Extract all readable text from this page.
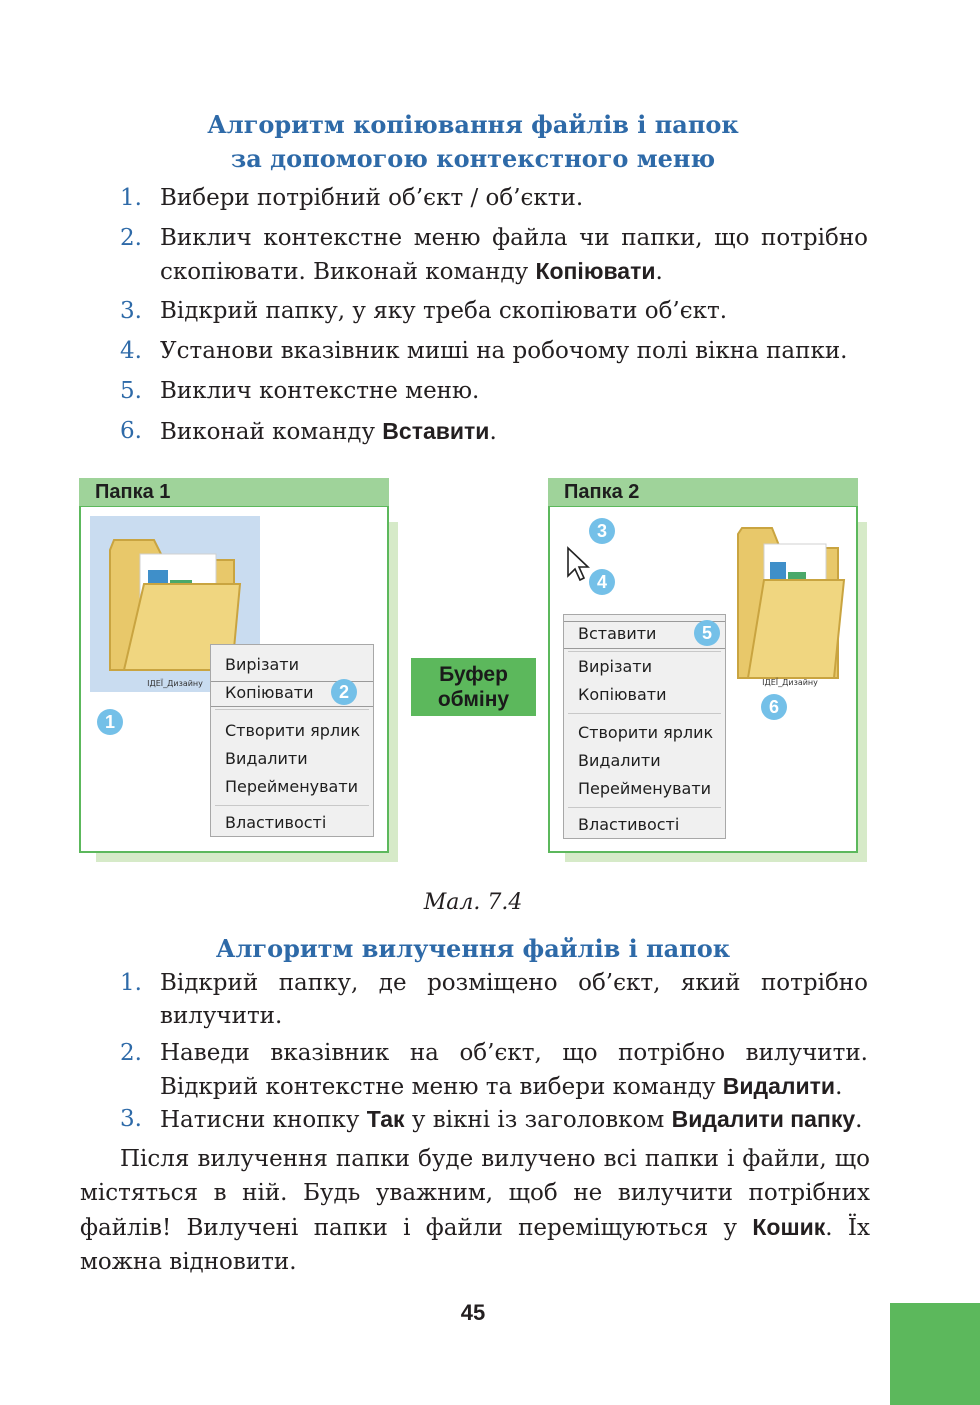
Алгоритм копіювання файлів і папок
за допомогою контекстного меню
1. Вибери потрібний об’єкт / об’єкти.
2. Виклич контекстне меню файла чи папки, що потрібно скопіювати. Виконай команду Копіювати.
3. Відкрий папку, у яку треба скопіювати об’єкт.
4. Установи вказівник миші на робочому полі вікна папки.
5. Виклич контекстне меню.
6. Виконай команду Вставити.
Папка 1
ІДЕЇ_Дизайну
Вирізати
Копіювати
Створити ярлик
Видалити
Перейменувати
Властивості
1
2
Буфер
обміну
Папка 2
ІДЕЇ_Дизайну
Вставити
Вирізати
Копіювати
Створити ярлик
Видалити
Перейменувати
Властивості
3
4
5
6
Мал. 7.4
Алгоритм вилучення файлів і папок
1. Відкрий папку, де розміщено об’єкт, який потрібно вилучити.
2. Наведи вказівник на об’єкт, що потрібно вилучити. Відкрий контекстне меню та вибери команду Видалити.
3. Натисни кнопку Так у вікні із заголовком Видалити папку.
Після вилучення папки буде вилучено всі папки і файли, що містяться в ній. Будь уважним, щоб не вилучити потрібних файлів! Вилучені папки і файли переміщуються у Кошик. Їх можна відновити.
45
